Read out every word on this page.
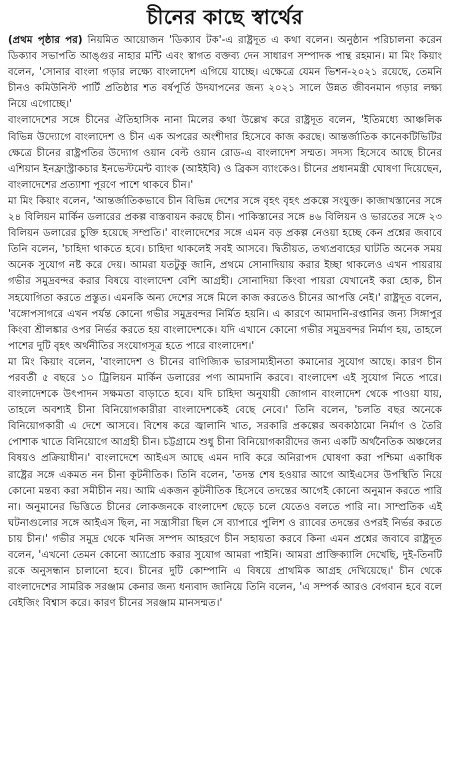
চীনের কাছে স্বার্থের

(প্রথম পৃষ্ঠার পর) নিয়মিত আয়োজন 'ডিক্যাব টক'-এ রাষ্ট্রদূত এ কথা বলেন। অনুষ্ঠান পরিচালনা করেন ডিক্যাব সভাপতি আঙ্গুর নাহার মন্টি এবং স্বাগত বক্তব্য দেন সাধারণ সম্পাদক পান্থ রহমান। মা মিং কিয়াং বলেন, 'সোনার বাংলা গড়ার লক্ষ্যে বাংলাদেশ এগিয়ে যাচ্ছে। এক্ষেত্রে যেমন ভিশন-২০২১ রয়েছে, তেমনি চীনও কমিউনিস্ট পার্টি প্রতিষ্ঠার শত বর্ষপূর্তি উদযাপনের জন্য ২০২১ সালে উন্নত জীবনমান গড়ার লক্ষ্য নিয়ে এগোচ্ছে।'

বাংলাদেশের সঙ্গে চীনের ঐতিহাসিক নানা মিলের কথা উল্লেখ করে রাষ্ট্রদূত বলেন, 'ইতিমধ্যে আঞ্চলিক বিভিন্ন উদ্যোগে বাংলাদেশ ও চীন এক অপরের অংশীদার হিসেবে কাজ করছে। আন্তর্জাতিক কানেকটিভিটির ক্ষেত্রে চীনের রাষ্ট্রপতির উদ্যোগ ওয়ান বেল্ট ওয়ান রোড-এ বাংলাদেশ সম্মত। সদস্য হিসেবে আছে চীনের এশিয়ান ইনফ্রাস্ট্রাকচার ইনভেস্টমেন্ট ব্যাংক (আইইবি) ও ব্রিকস ব্যাংকেও। চীনের প্রধানমন্ত্রী ঘোষণা দিয়েছেন, বাংলাদেশের প্রত্যাশা পূরণে পাশে থাকবে চীন।'

মা মিং কিয়াং বলেন, 'আন্তর্জাতিকভাবে চীন বিভিন্ন দেশের সঙ্গে বৃহৎ বৃহৎ প্রকল্পে সংযুক্ত। কাজাখস্তানের সঙ্গে ২৪ বিলিয়ন মার্কিন ডলারের প্রকল্প বাস্তবায়ন করছে চীন। পাকিস্তানের সঙ্গে ৪৬ বিলিয়ন ও ভারতের সঙ্গে ২৩ বিলিয়ন ডলারের চুক্তি হয়েছে সম্প্রতি।' বাংলাদেশের সঙ্গে এমন বড় প্রকল্প নেওয়া হচ্ছে কেন প্রশ্নের জবাবে তিনি বলেন, 'চাহিদা থাকতে হবে। চাহিদা থাকলেই সবই আসবে। দ্বিতীয়ত, তথ্যপ্রবাহের ঘাটতি অনেক সময় অনেক সুযোগ নষ্ট করে দেয়। আমরা যতটুকু জানি, প্রথমে সোনাদিয়ায় করার ইচ্ছা থাকলেও এখন পায়রায় গভীর সমুদ্রবন্দর করার বিষয়ে বাংলাদেশ বেশি আগ্রহী। সোনাদিয়া কিংবা পায়রা যেখানেই করা হোক, চীন সহযোগিতা করতে প্রস্তুত। এমনকি অন্য দেশের সঙ্গে মিলে কাজ করতেও চীনের আপত্তি নেই।' রাষ্ট্রদূত বলেন, 'বঙ্গোপসাগরে এখন পর্যন্ত কোনো গভীর সমুদ্রবন্দর নির্মিত হয়নি। এ কারণে আমদানি-রপ্তানির জন্য সিঙ্গাপুর কিংবা শ্রীলঙ্কার ওপর নির্ভর করতে হয় বাংলাদেশকে। যদি এখানে কোনো গভীর সমুদ্রবন্দর নির্মাণ হয়, তাহলে পাশের দুটি বৃহৎ অর্থনীতির সংযোগসূত্র হতে পারে বাংলাদেশ।'

মা মিং কিয়াং বলেন, 'বাংলাদেশ ও চীনের বাণিজ্যিক ভারসাম্যহীনতা কমানোর সুযোগ আছে। কারণ চীন পরবর্তী ৫ বছরে ১০ ট্রিলিয়ন মার্কিন ডলারের পণ্য আমদানি করবে। বাংলাদেশ এই সুযোগ নিতে পারে। বাংলাদেশকে উৎপাদন সক্ষমতা বাড়াতে হবে। যদি চাহিদা অনুযায়ী জোগান বাংলাদেশ থেকে পাওয়া যায়, তাহলে অবশ্যই চীনা বিনিয়োগকারীরা বাংলাদেশকেই বেছে নেবে।' তিনি বলেন, 'চলতি বছর অনেকে বিনিয়োগকারী এ দেশে আসবে। বিশেষ করে জ্বালানি খাত, সরকারি প্রকল্পের অবকাঠামো নির্মাণ ও তৈরি পোশাক খাতে বিনিয়োগে আগ্রহী চীন। চট্টগ্রামে শুধু চীনা বিনিয়োগকারীদের জন্য একটি অর্থনৈতিক অঞ্চলের বিষয়ও প্রক্রিয়াধীন।' বাংলাদেশে আইএস আছে এমন দাবি করে অনিরাপদ ঘোষণা করা পশ্চিমা একাধিক রাষ্ট্রের সঙ্গে একমত নন চীনা কূটনীতিক। তিনি বলেন, 'তদন্ত শেষ হওয়ার আগে আইএসের উপস্থিতি নিয়ে কোনো মন্তব্য করা সমীচীন নয়। আমি একজন কূটনীতিক হিসেবে তদন্তের আগেই কোনো অনুমান করতে পারি না। অনুমানের ভিত্তিতে চীনের লোকজনকে বাংলাদেশ ছেড়ে চলে যেতেও বলতে পারি না। সাম্প্রতিক এই ঘটনাগুলোর সঙ্গে আইএস ছিল, না সন্ত্রাসীরা ছিল সে ব্যাপারে পুলিশ ও র‌্যাবের তদন্তের ওপরই নির্ভর করতে চায় চীন।' গভীর সমুদ্র থেকে খনিজ সম্পদ আহরণে চীন সহায়তা করবে কিনা এমন প্রশ্নের জবাবে রাষ্ট্রদূত বলেন, 'এখনো তেমন কোনো অ্যাপ্রোচ করার সুযোগ আমরা পাইনি। আমরা প্রাক্তিক্যালি দেখেছি, দুই-তিনটি রকে অনুসন্ধান চালানো হবে। চীনের দুটি কোম্পানি এ বিষয়ে প্রাথমিক আগ্রহ দেখিয়েছে।' চীন থেকে বাংলাদেশের সামরিক সরঞ্জাম কেনার জন্য ধন্যবাদ জানিয়ে তিনি বলেন, 'এ সম্পর্ক আরও বেগবান হবে বলে বেইজিং বিশ্বাস করে। কারণ চীনের সরঞ্জাম মানসম্মত।'
